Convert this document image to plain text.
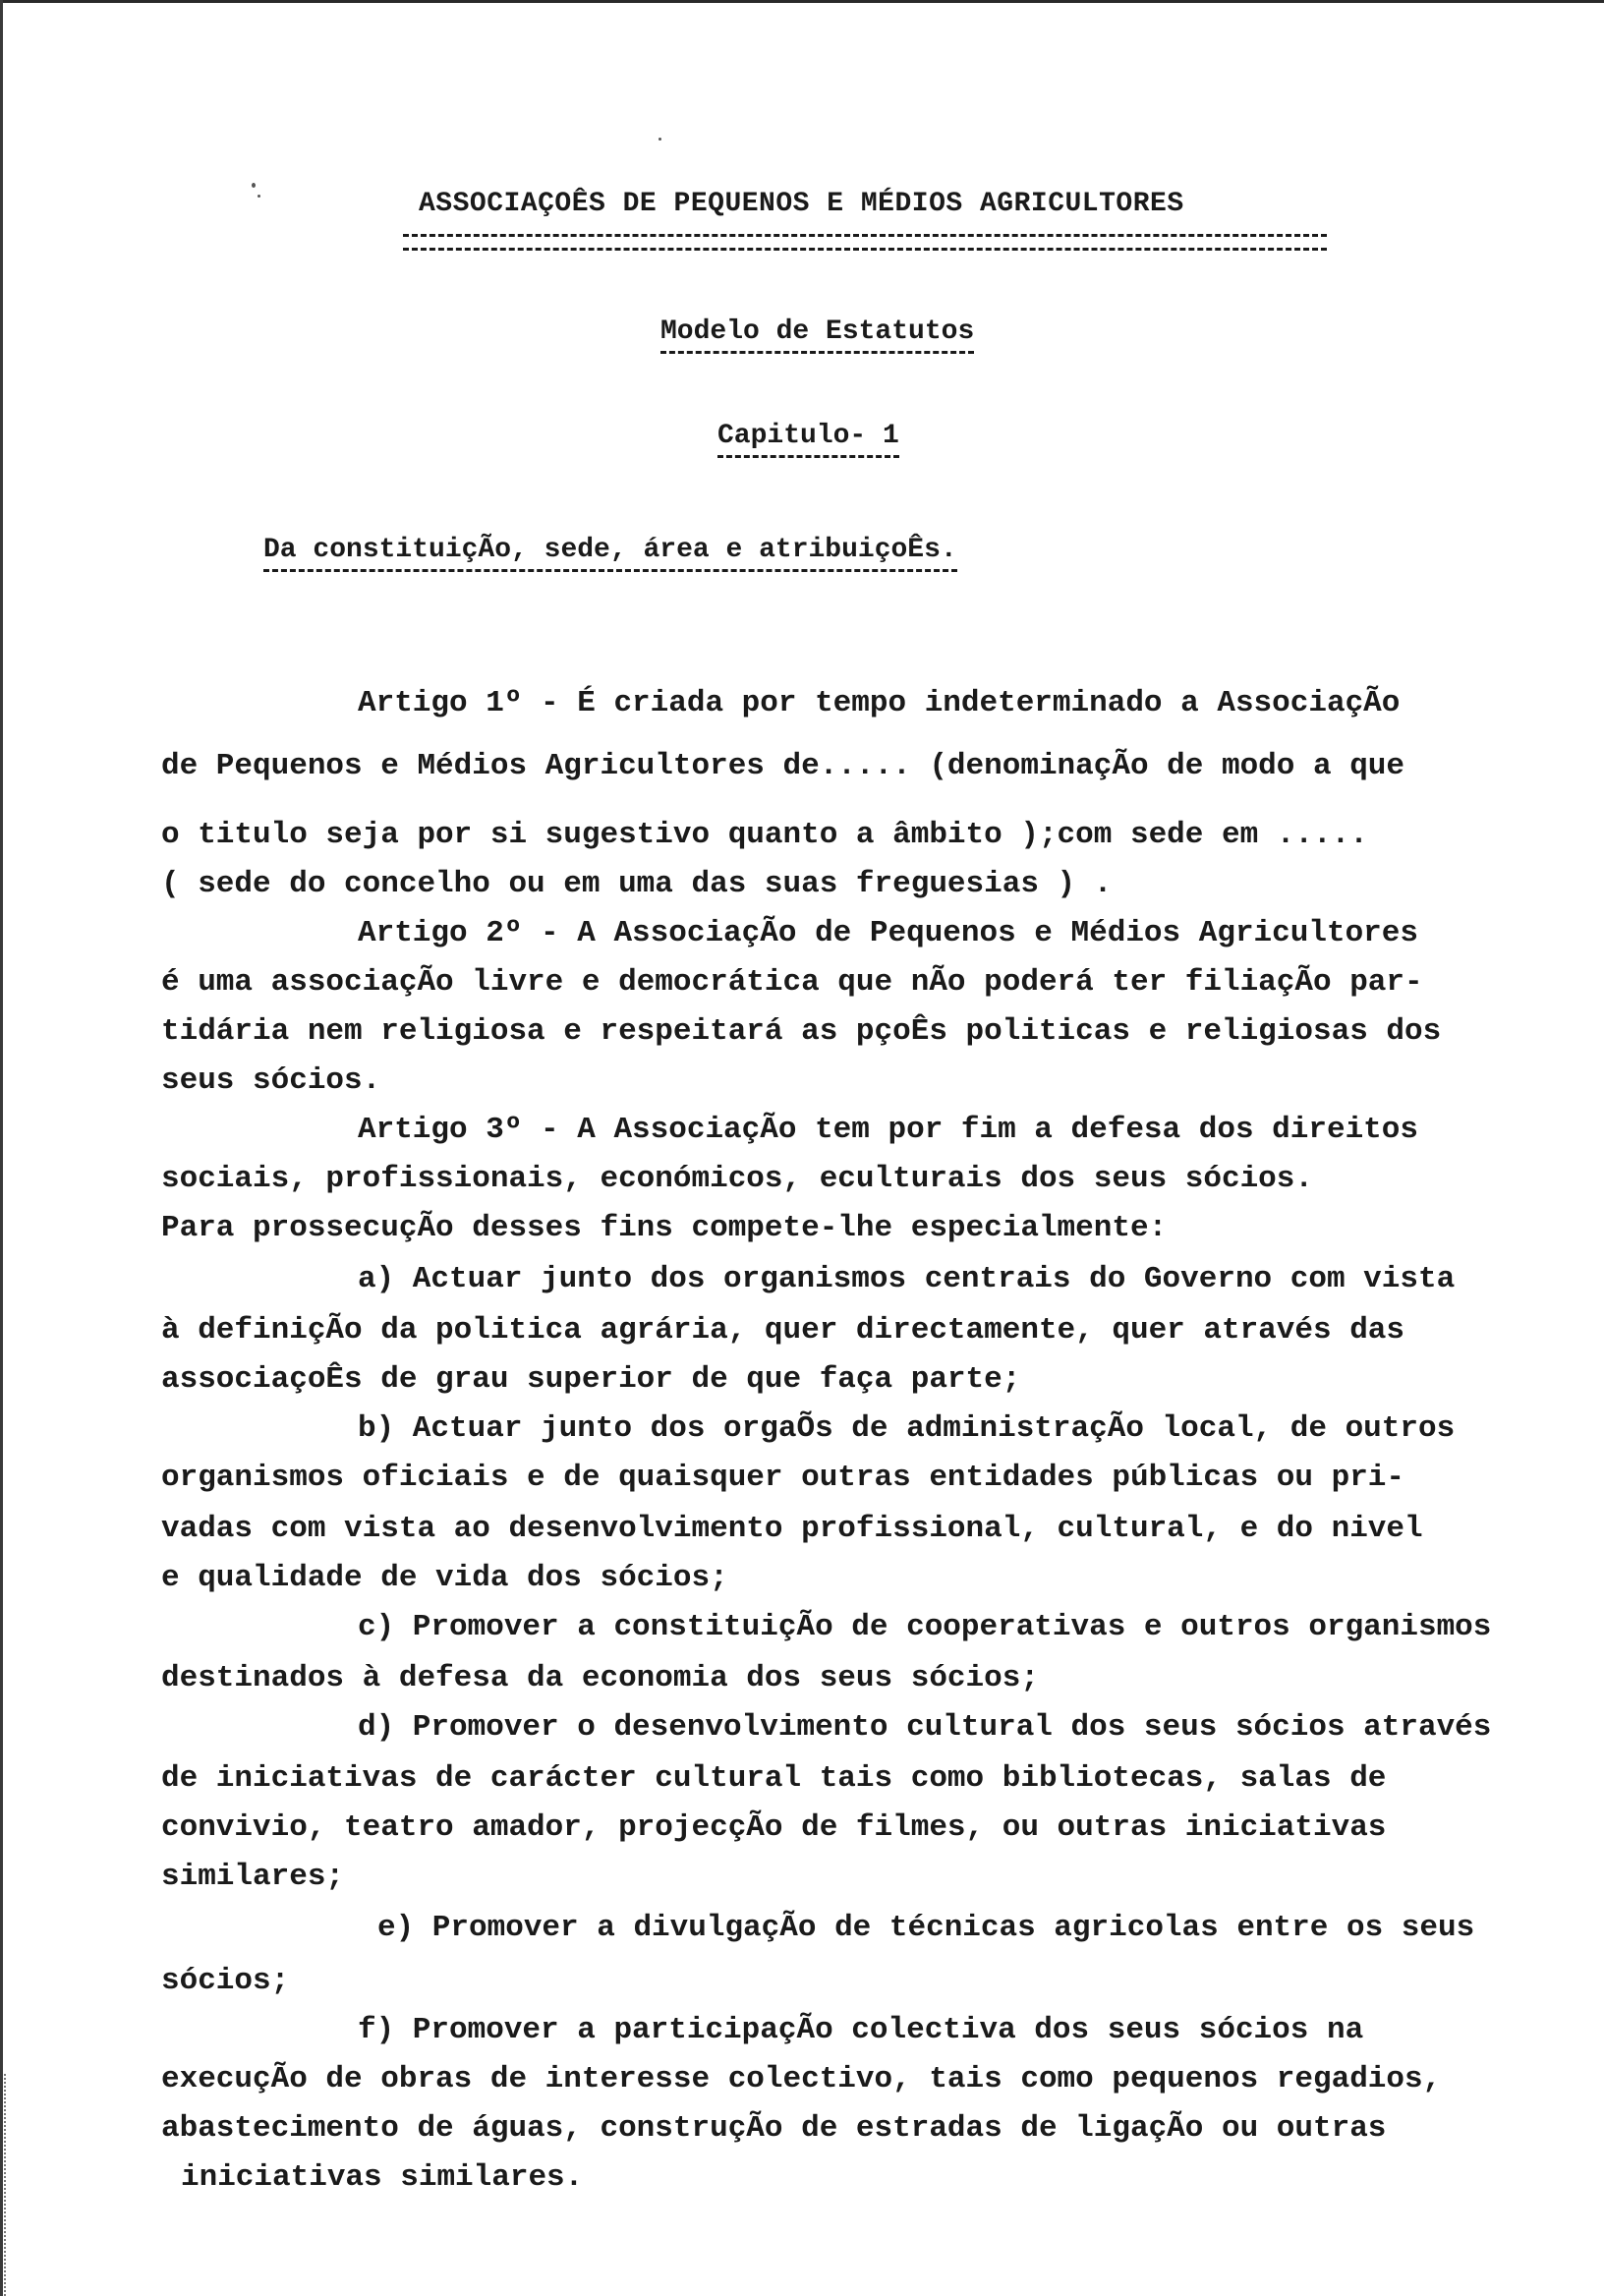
ASSOCIAÇOÊS DE PEQUENOS E MÉDIOS AGRICULTORES
Modelo de Estatutos
Capitulo- 1
Da constituiçÃo, sede, área e atribuiçoÊs.
Artigo 1º - É criada por tempo indeterminado a AssociaçÃo
de Pequenos e Médios Agricultores de..... (denominaçÃo de modo a que
o titulo seja por si sugestivo quanto a âmbito );com sede em .....
( sede do concelho ou em uma das suas freguesias ) .
Artigo 2º - A AssociaçÃo de Pequenos e Médios Agricultores
é uma associaçÃo livre e democrática que nÃo poderá ter filiaçÃo par-
tidária nem religiosa e respeitará as pçoÊs politicas e religiosas dos
seus sócios.
Artigo 3º - A AssociaçÃo tem por fim a defesa dos direitos
sociais, profissionais, económicos, eculturais dos seus sócios.
Para prossecuçÃo desses fins compete-lhe especialmente:
a) Actuar junto dos organismos centrais do Governo com vista
à definiçÃo da politica agrária, quer directamente, quer através das
associaçoÊs de grau superior de que faça parte;
b) Actuar junto dos orgaÕs de administraçÃo local, de outros
organismos oficiais e de quaisquer outras entidades públicas ou pri-
vadas com vista ao desenvolvimento profissional, cultural, e do nivel
e qualidade de vida dos sócios;
c) Promover a constituiçÃo de cooperativas e outros organismos
destinados à defesa da economia dos seus sócios;
d) Promover o desenvolvimento cultural dos seus sócios através
de iniciativas de carácter cultural tais como bibliotecas, salas de
convivio, teatro amador, projecçÃo de filmes, ou outras iniciativas
similares;
e) Promover a divulgaçÃo de técnicas agricolas entre os seus
sócios;
f) Promover a participaçÃo colectiva dos seus sócios na
execuçÃo de obras de interesse colectivo, tais como pequenos regadios,
abastecimento de águas, construçÃo de estradas de ligaçÃo ou outras
iniciativas similares.
